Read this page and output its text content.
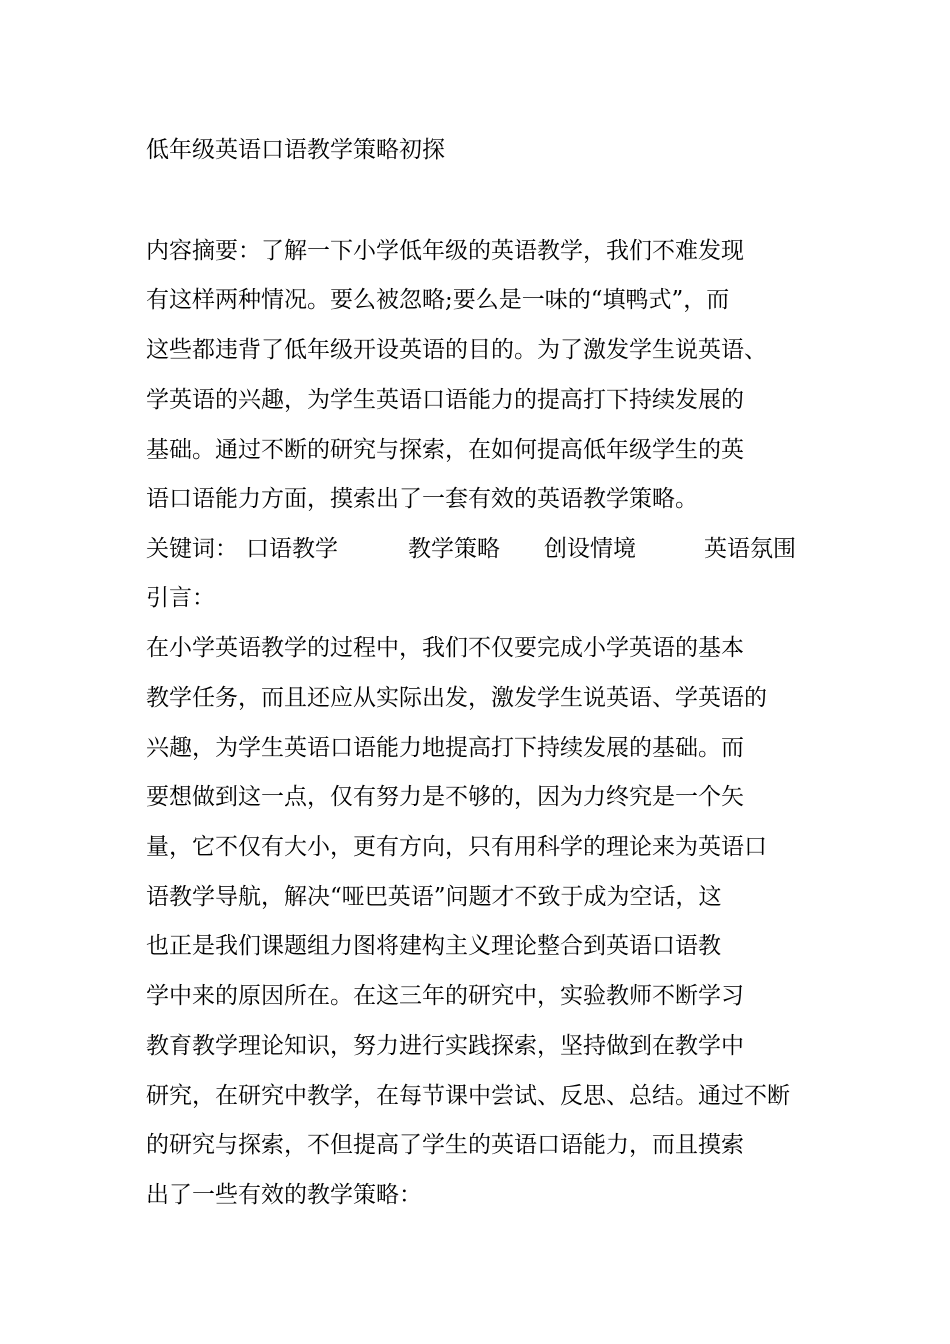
低年级英语口语教学策略初探
内容摘要：了解一下小学低年级的英语教学，我们不难发现
有这样两种情况。要么被忽略;要么是一味的“填鸭式”，而
这些都违背了低年级开设英语的目的。为了激发学生说英语、
学英语的兴趣，为学生英语口语能力的提高打下持续发展的
基础。通过不断的研究与探索，在如何提高低年级学生的英
语口语能力方面，摸索出了一套有效的英语教学策略。
关键词： 口语教学	教学策略 创设情境	英语氛围
引言：
在小学英语教学的过程中，我们不仅要完成小学英语的基本
教学任务，而且还应从实际出发，激发学生说英语、学英语的
兴趣，为学生英语口语能力地提高打下持续发展的基础。而
要想做到这一点，仅有努力是不够的，因为力终究是一个矢
量，它不仅有大小，更有方向，只有用科学的理论来为英语口
语教学导航，解决“哑巴英语”问题才不致于成为空话，这
也正是我们课题组力图将建构主义理论整合到英语口语教
学中来的原因所在。在这三年的研究中，实验教师不断学习
教育教学理论知识，努力进行实践探索，坚持做到在教学中
研究，在研究中教学，在每节课中尝试、反思、总结。通过不断
的研究与探索，不但提高了学生的英语口语能力，而且摸索
出了一些有效的教学策略：
